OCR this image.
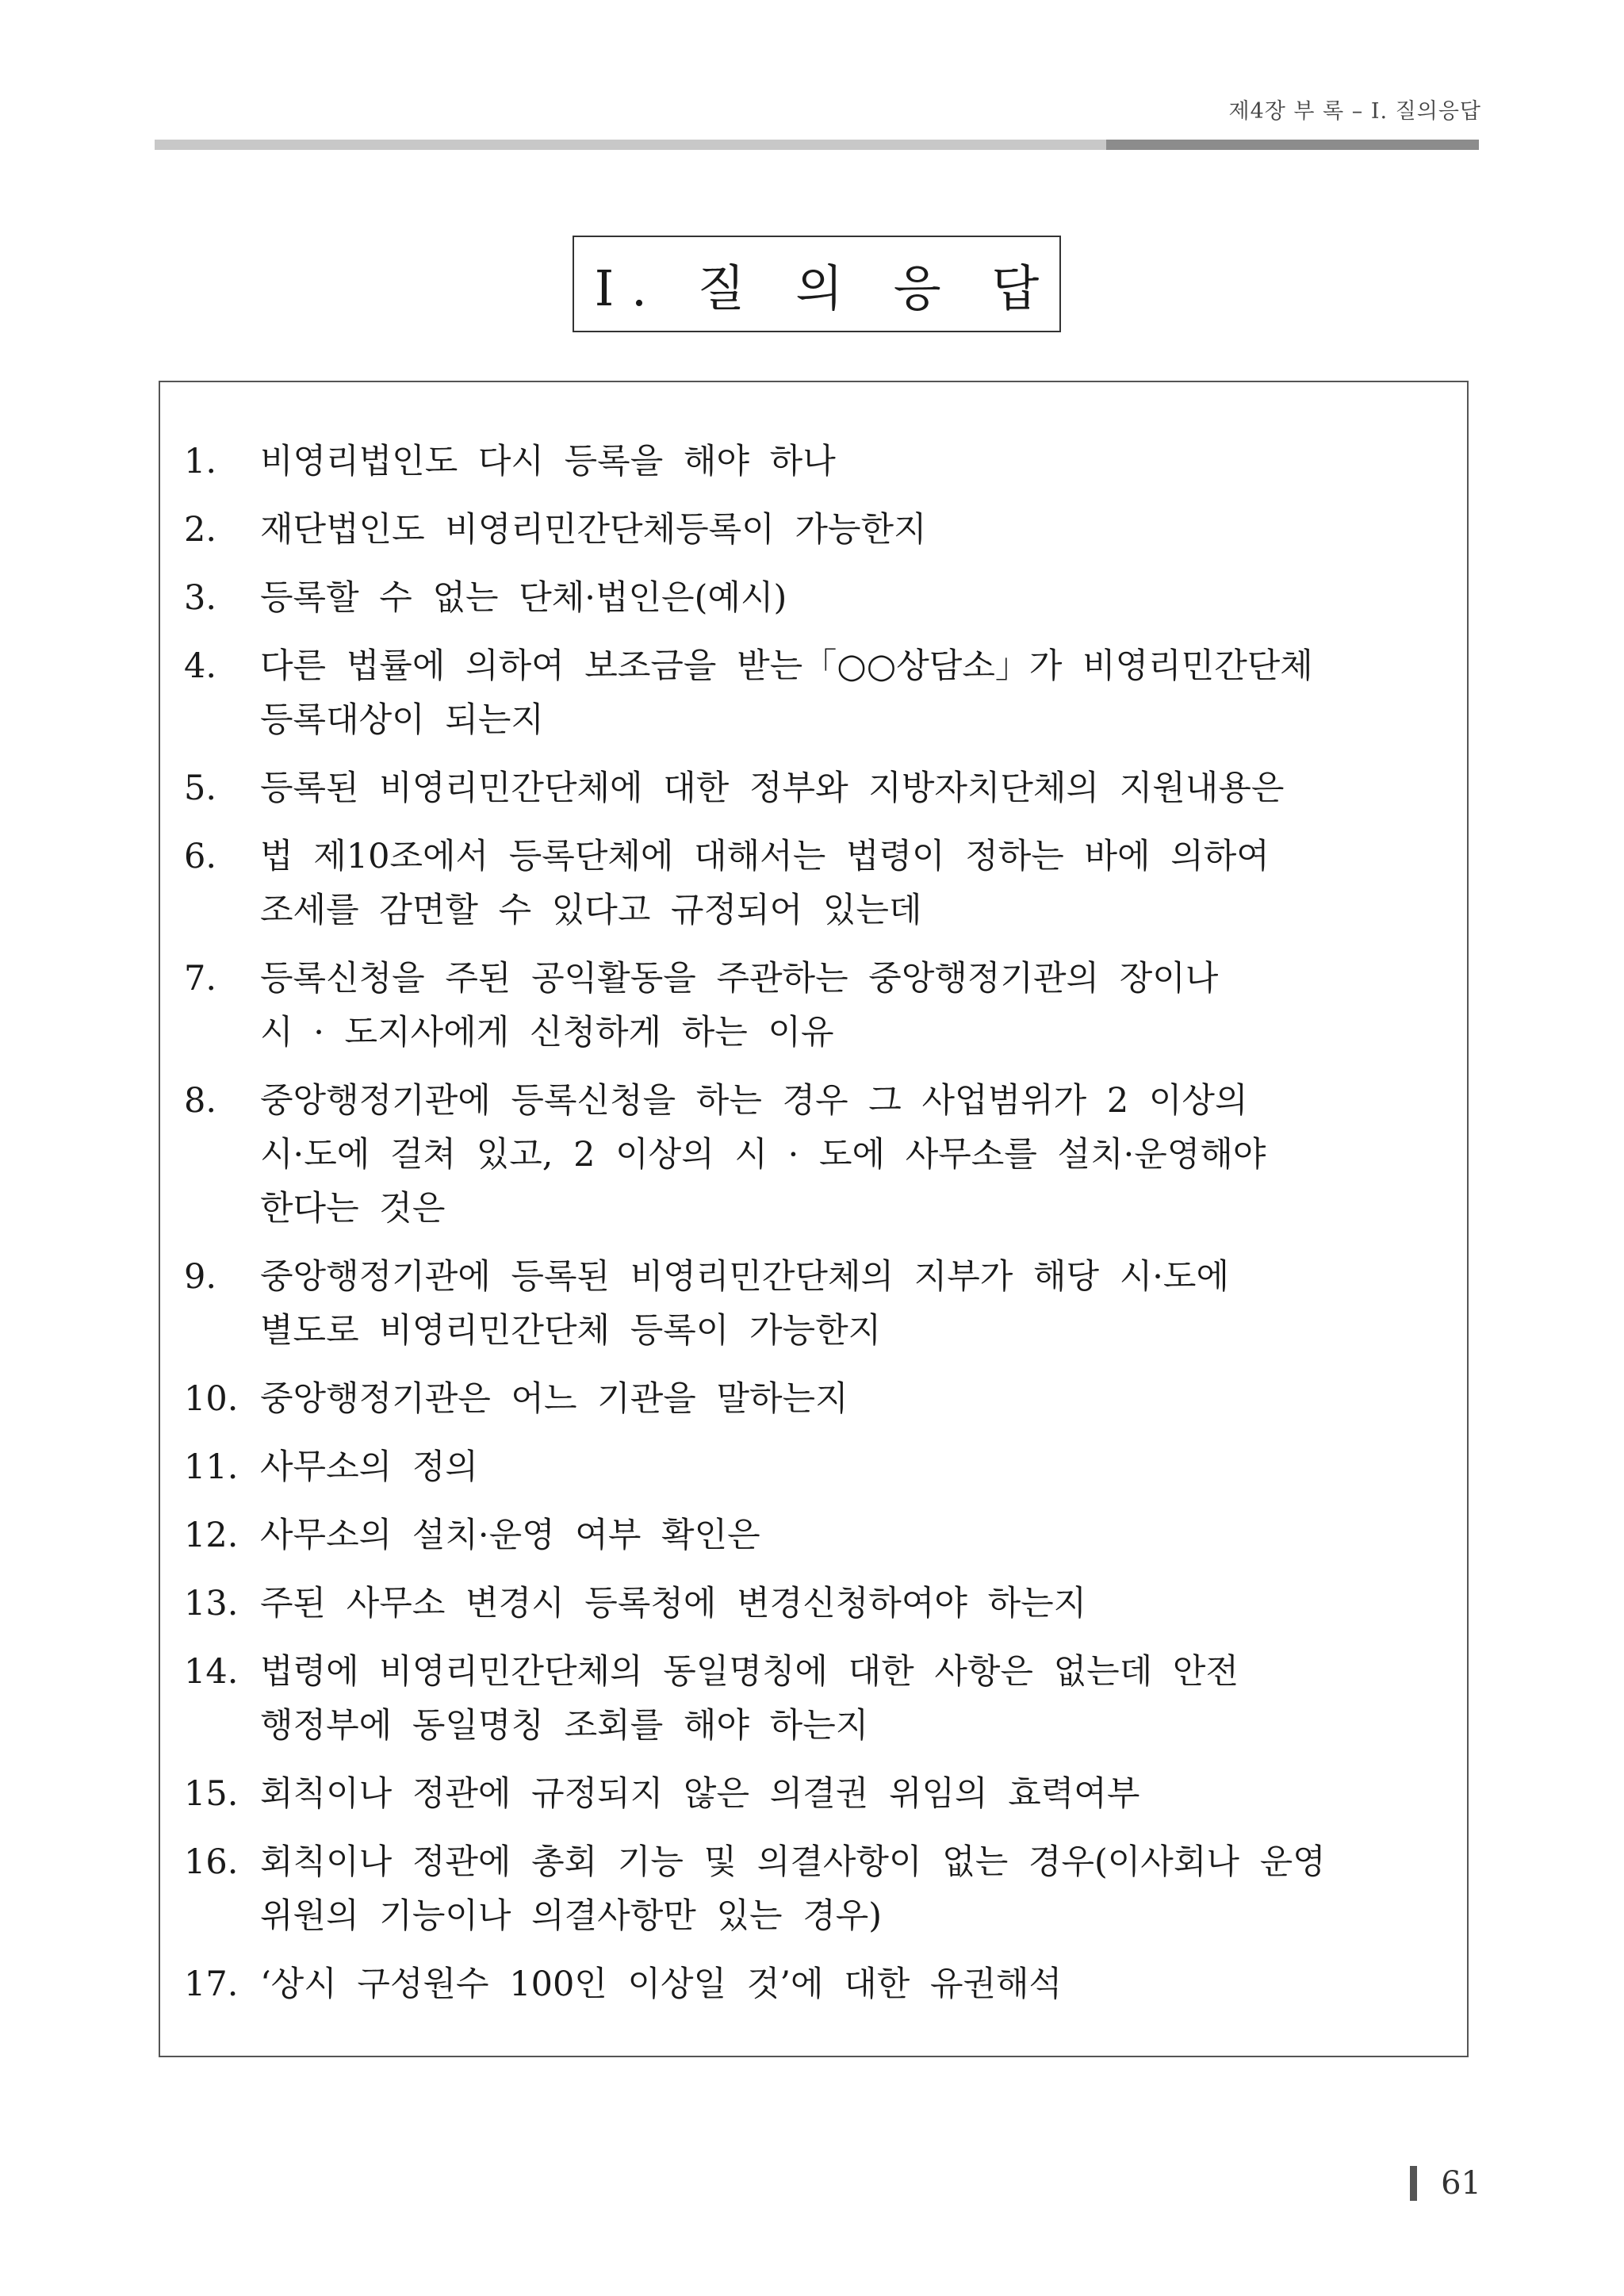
제4장 부 록 – Ⅰ. 질의응답
Ⅰ. 질 의 응 답
1.	비영리법인도 다시 등록을 해야 하나
2.	재단법인도 비영리민간단체등록이 가능한지
3.	등록할 수 없는 단체·법인은(예시)
4.	다른 법률에 의하여 보조금을 받는「○○상담소」가 비영리민간단체
등록대상이 되는지
5.	등록된 비영리민간단체에 대한 정부와 지방자치단체의 지원내용은
6.	법 제10조에서 등록단체에 대해서는 법령이 정하는 바에 의하여
조세를 감면할 수 있다고 규정되어 있는데
7.	등록신청을 주된 공익활동을 주관하는 중앙행정기관의 장이나
시 · 도지사에게 신청하게 하는 이유
8.	중앙행정기관에 등록신청을 하는 경우 그 사업범위가 2 이상의
시·도에 걸쳐 있고, 2 이상의 시 · 도에 사무소를 설치·운영해야
한다는 것은
9.	중앙행정기관에 등록된 비영리민간단체의 지부가 해당 시·도에
별도로 비영리민간단체 등록이 가능한지
10. 중앙행정기관은 어느 기관을 말하는지
11. 사무소의 정의
12. 사무소의 설치·운영 여부 확인은
13. 주된 사무소 변경시 등록청에 변경신청하여야 하는지
14. 법령에 비영리민간단체의 동일명칭에 대한 사항은 없는데 안전
행정부에 동일명칭 조회를 해야 하는지
15. 회칙이나 정관에 규정되지 않은 의결권 위임의 효력여부
16. 회칙이나 정관에 총회 기능 및 의결사항이 없는 경우(이사회나 운영
위원의 기능이나 의결사항만 있는 경우)
17. ‘상시 구성원수 100인 이상일 것’에 대한 유권해석
61
